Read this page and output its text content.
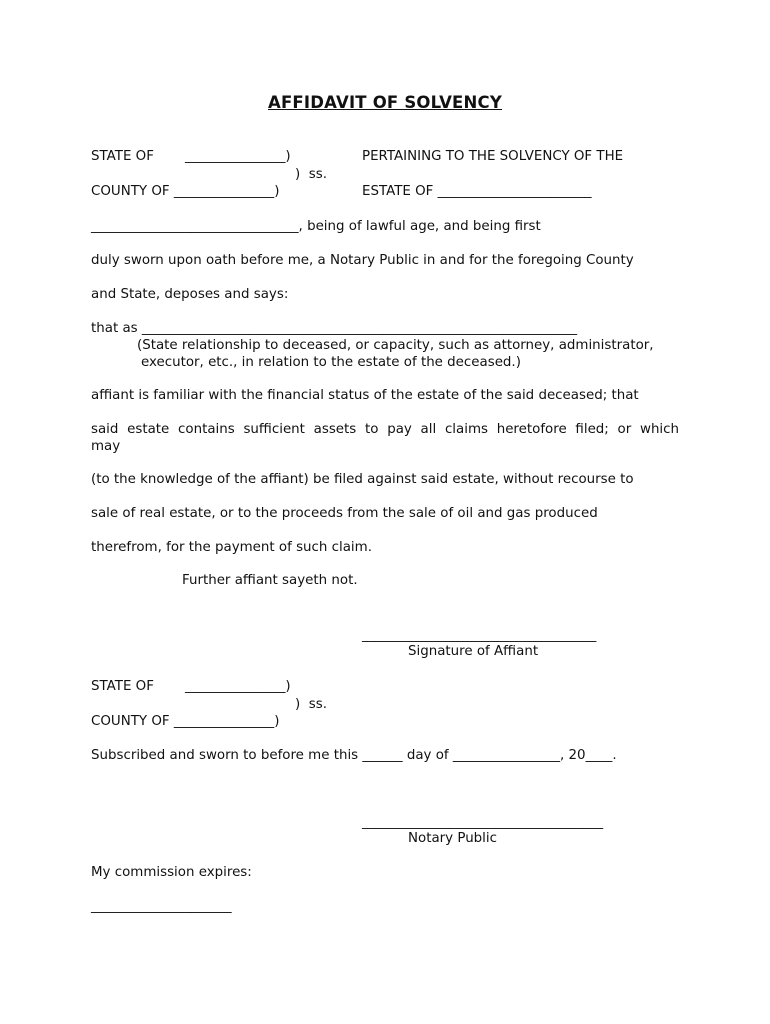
AFFIDAVIT OF SOLVENCY
STATE OF _______________)
)  ss.
COUNTY OF _______________)
PERTAINING TO THE SOLVENCY OF THE
ESTATE OF _______________________
_______________________________, being of lawful age, and being first
duly sworn upon oath before me, a Notary Public in and for the foregoing County
and State, deposes and says:
that as _________________________________________________________________
(State relationship to deceased, or capacity, such as attorney, administrator,
executor, etc., in relation to the estate of the deceased.)
affiant is familiar with the financial status of the estate of the said deceased; that
said estate contains sufficient assets to pay all claims heretofore filed; or which
may
(to the knowledge of the affiant) be filed against said estate, without recourse to
sale of real estate, or to the proceeds from the sale of oil and gas produced
therefrom, for the payment of such claim.
Further affiant sayeth not.
___________________________________
Signature of Affiant
STATE OF _______________)
)  ss.
COUNTY OF _______________)
Subscribed and sworn to before me this ______ day of ________________, 20____.
____________________________________
Notary Public
My commission expires:
_____________________
